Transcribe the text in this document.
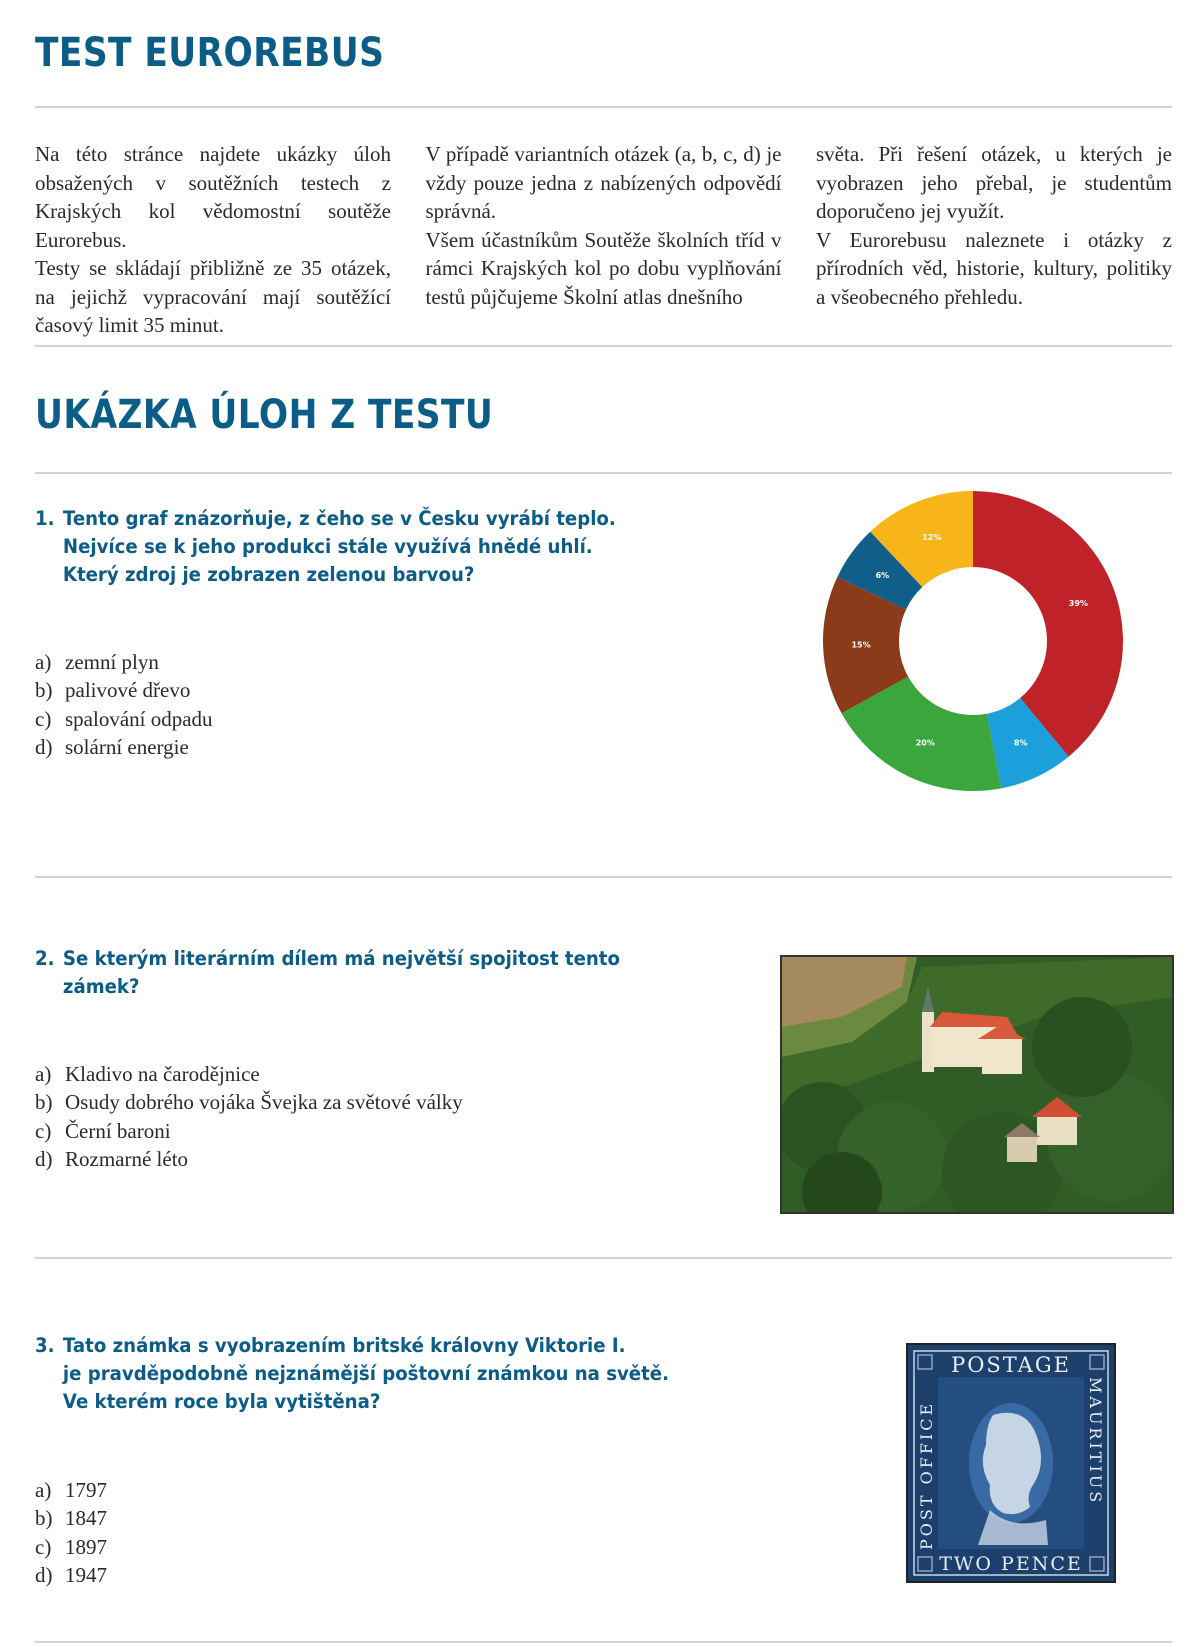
TEST EUROREBUS

Na této stránce najdete ukázky úloh obsažených v soutěžních testech z Krajských kol vědomostní soutěže Eurorebus.

Testy se skládají přibližně ze 35 otázek, na jejichž vypracování mají soutěžící časový limit 35 minut.

V případě variantních otázek (a, b, c, d) je vždy pouze jedna z nabízených odpovědí správná.

Všem účastníkům Soutěže školních tříd v rámci Krajských kol po dobu vyplňování testů půjčujeme Školní atlas dnešního

světa. Při řešení otázek, u kterých je vyobrazen jeho přebal, je studentům doporučeno jej využít.

V Eurorebusu naleznete i otázky z přírodních věd, historie, kultury, politiky a všeobecného přehledu.

UKÁZKA ÚLOH Z TESTU
1. Tento graf znázorňuje, z čeho se v Česku vyrábí teplo.
Nejvíce se k jeho produkci stále využívá hnědé uhlí.
Který zdroj je zobrazen zelenou barvou?
a) zemní plyn
b) palivové dřevo
c) spalování odpadu
d) solární energie
39%
8%
20%
15%
6%
12%
2. Se kterým literárním dílem má největší spojitost tento
zámek?
a) Kladivo na čarodějnice
b) Osudy dobrého vojáka Švejka za světové války
c) Černí baroni
d) Rozmarné léto
3. Tato známka s vyobrazením britské královny Viktorie I.
je pravděpodobně nejznámější poštovní známkou na světě.
Ve kterém roce byla vytištěna?
a) 1797
b) 1847
c) 1897
d) 1947
POSTAGE
TWO PENCE
POST OFFICE	MAURITIUS
